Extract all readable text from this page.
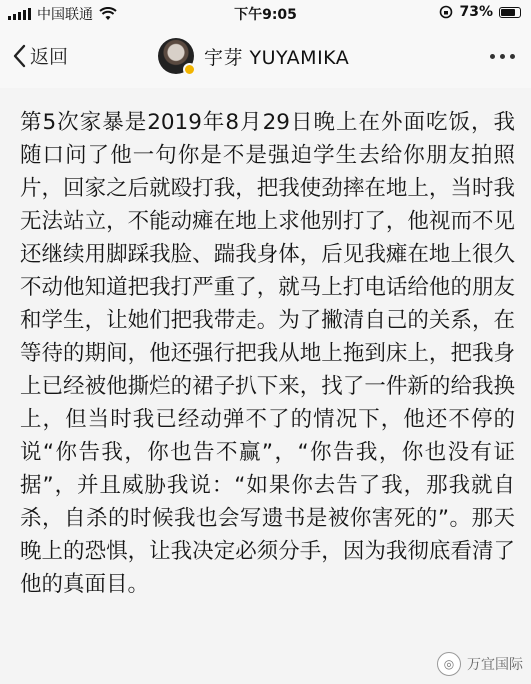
中国联通	下午9:05	73%
返回	宇芽 YUYAMIKA

第5次家暴是2019年8月29日晚上在外面吃饭，我随口问了他一句你是不是强迫学生去给你朋友拍照片，回家之后就殴打我，把我使劲摔在地上，当时我无法站立，不能动瘫在地上求他别打了，他视而不见还继续用脚踩我脸、踹我身体，后见我瘫在地上很久不动他知道把我打严重了，就马上打电话给他的朋友和学生，让她们把我带走。为了撇清自己的关系，在等待的期间，他还强行把我从地上拖到床上，把我身上已经被他撕烂的裙子扒下来，找了一件新的给我换上，但当时我已经动弹不了的情况下，他还不停的说“你告我，你也告不赢”，“你告我，你也没有证据”，并且威胁我说：“如果你去告了我，那我就自杀，自杀的时候我也会写遗书是被你害死的”。那天晚上的恐惧，让我决定必须分手，因为我彻底看清了他的真面目。

◎ 万宜国际
